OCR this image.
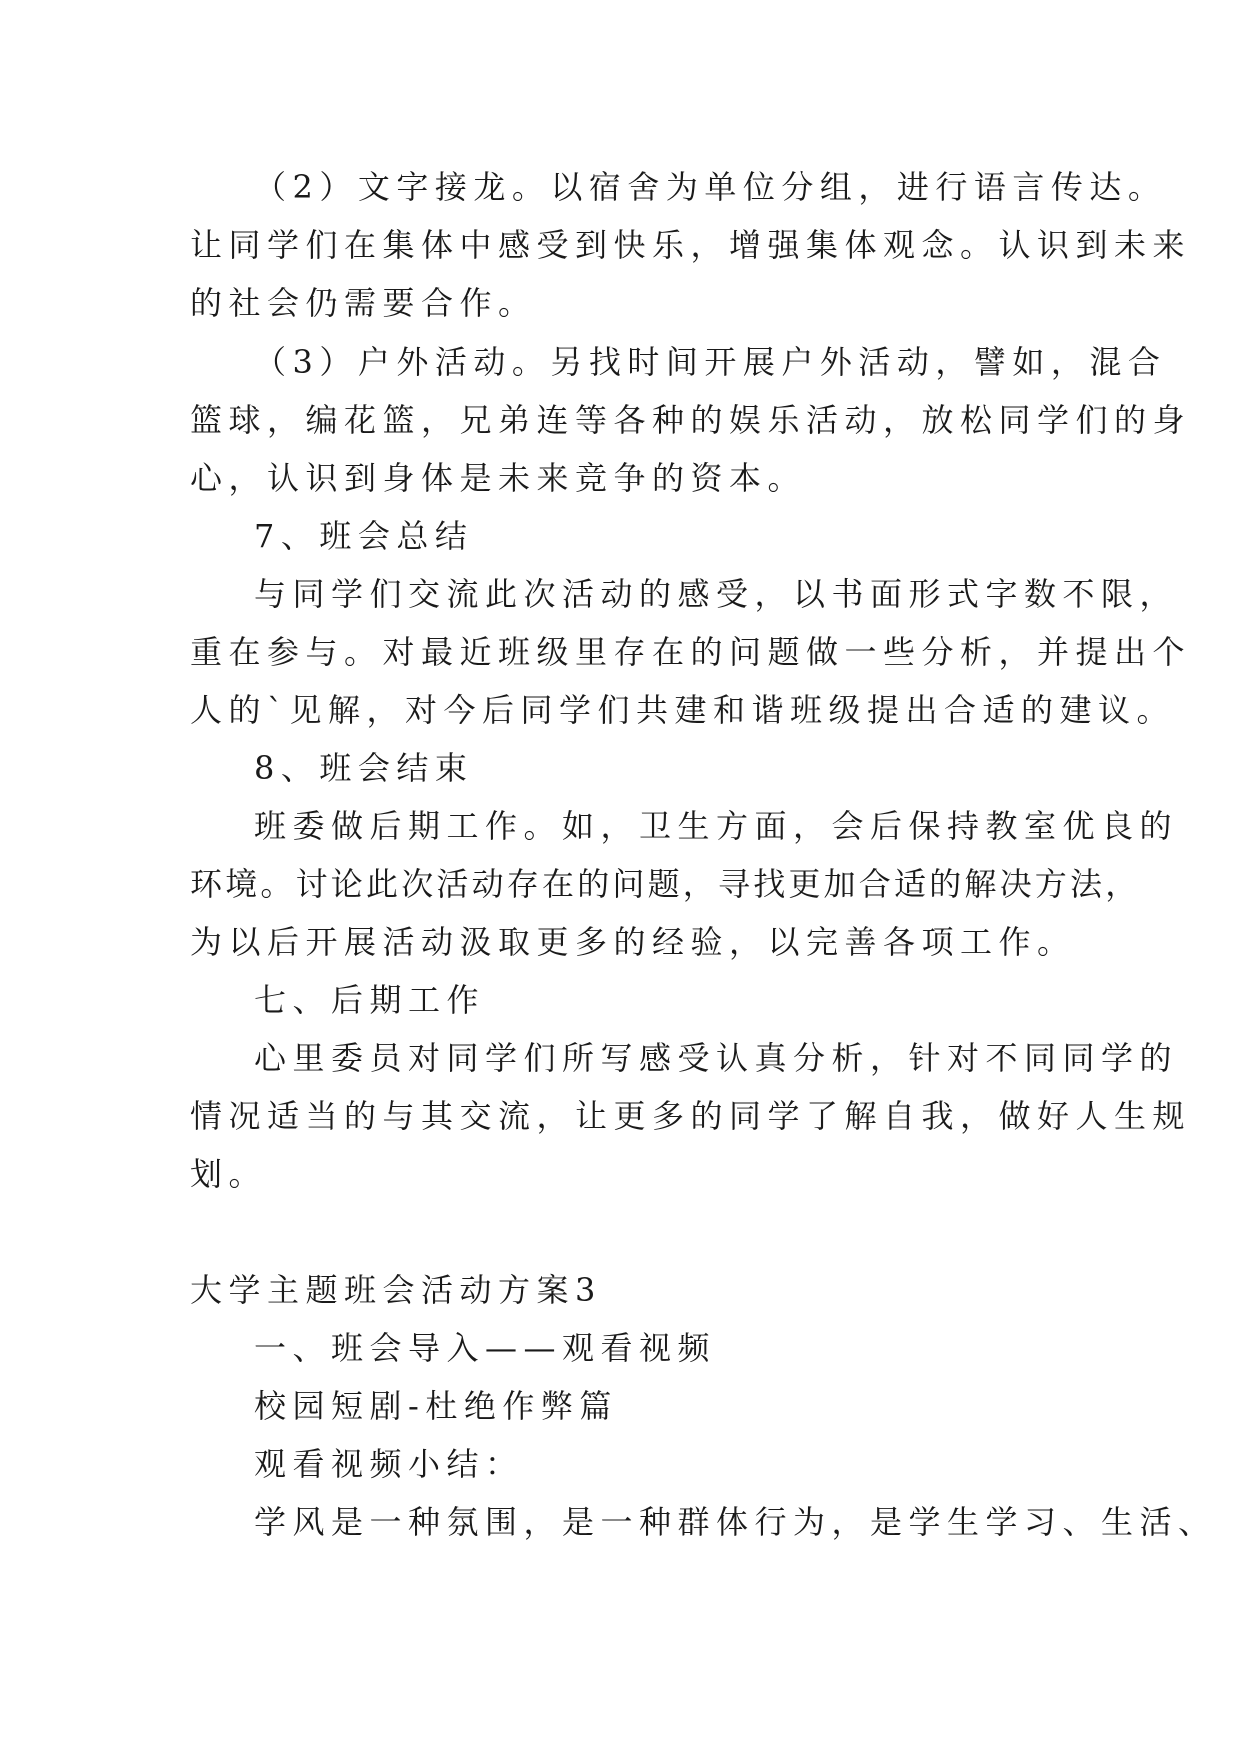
（2）文字接龙。以宿舍为单位分组，进行语言传达。
让同学们在集体中感受到快乐，增强集体观念。认识到未来
的社会仍需要合作。
（3）户外活动。另找时间开展户外活动，譬如，混合
篮球，编花篮，兄弟连等各种的娱乐活动，放松同学们的身
心，认识到身体是未来竞争的资本。
7、班会总结
与同学们交流此次活动的感受，以书面形式字数不限，
重在参与。对最近班级里存在的问题做一些分析，并提出个
人的`见解，对今后同学们共建和谐班级提出合适的建议。
8、班会结束
班委做后期工作。如，卫生方面，会后保持教室优良的
环境。讨论此次活动存在的问题，寻找更加合适的解决方法，
为以后开展活动汲取更多的经验，以完善各项工作。
七、后期工作
心里委员对同学们所写感受认真分析，针对不同同学的
情况适当的与其交流，让更多的同学了解自我，做好人生规
划。
大学主题班会活动方案3
一、班会导入——观看视频
校园短剧-杜绝作弊篇
观看视频小结：
学风是一种氛围，是一种群体行为，是学生学习、生活、
